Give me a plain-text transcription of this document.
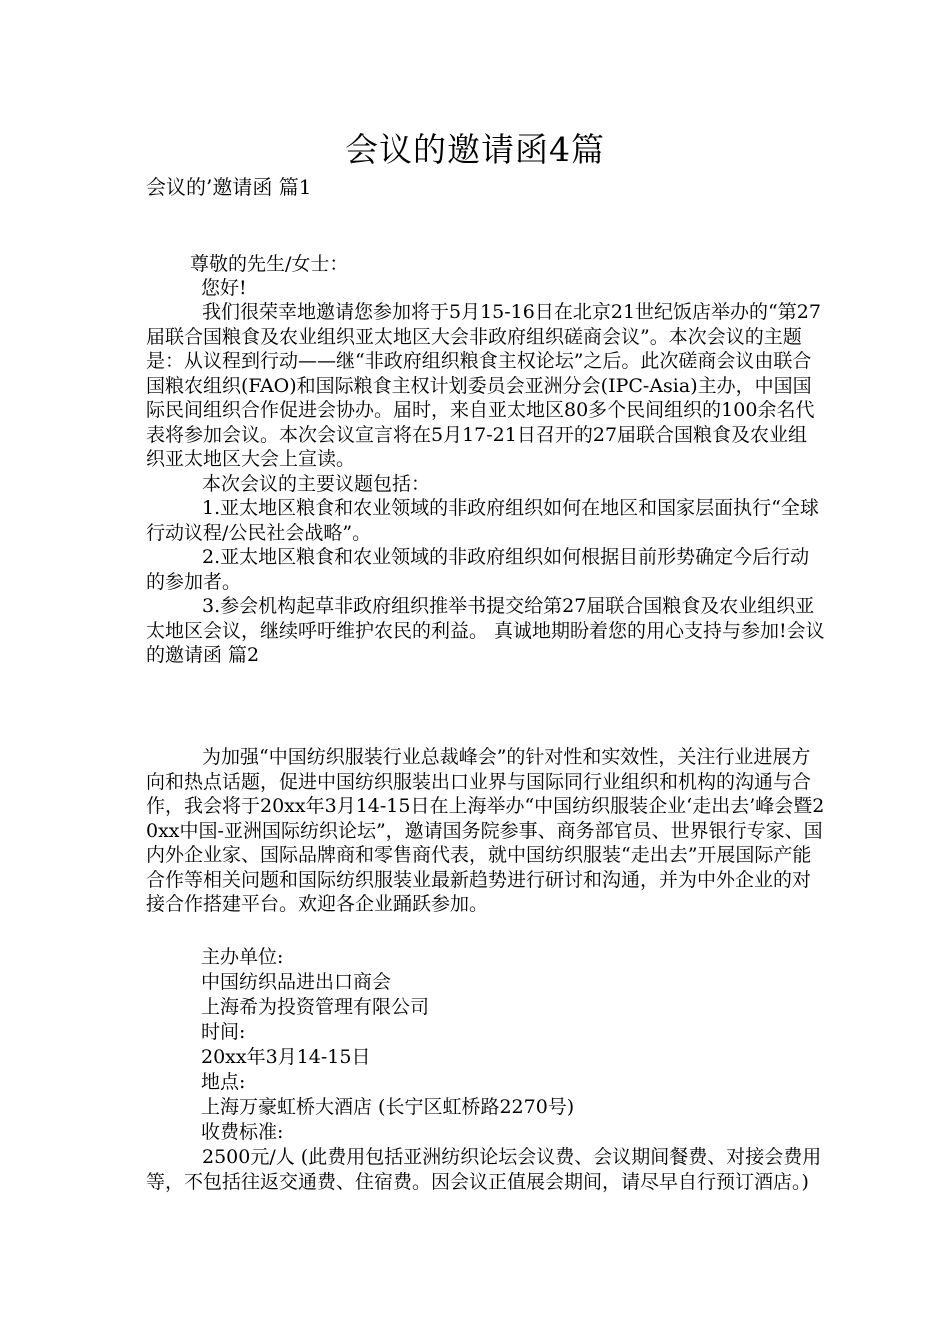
会议的邀请函4篇
会议的’邀请函 篇1
尊敬的先生/女士：
您好!

我们很荣幸地邀请您参加将于5月15-16日在北京21世纪饭店举办的“第27届联合国粮食及农业组织亚太地区大会非政府组织磋商会议”。本次会议的主题是：从议程到行动——继“非政府组织粮食主权论坛”之后。此次磋商会议由联合国粮农组织(FAO)和国际粮食主权计划委员会亚洲分会(IPC-Asia)主办，中国国际民间组织合作促进会协办。届时，来自亚太地区80多个民间组织的100余名代表将参加会议。本次会议宣言将在5月17-21日召开的27届联合国粮食及农业组织亚太地区大会上宣读。

本次会议的主要议题包括：

1.亚太地区粮食和农业领域的非政府组织如何在地区和国家层面执行“全球行动议程/公民社会战略”。

2.亚太地区粮食和农业领域的非政府组织如何根据目前形势确定今后行动的参加者。

3.参会机构起草非政府组织推举书提交给第27届联合国粮食及农业组织亚太地区会议，继续呼吁维护农民的利益。 真诚地期盼着您的用心支持与参加!会议的邀请函 篇2

为加强“中国纺织服装行业总裁峰会”的针对性和实效性，关注行业进展方向和热点话题，促进中国纺织服装出口业界与国际同行业组织和机构的沟通与合作，我会将于20xx年3月14-15日在上海举办“中国纺织服装企业‘走出去’峰会暨20xx中国-亚洲国际纺织论坛”，邀请国务院参事、商务部官员、世界银行专家、国内外企业家、国际品牌商和零售商代表，就中国纺织服装“走出去”开展国际产能合作等相关问题和国际纺织服装业最新趋势进行研讨和沟通，并为中外企业的对接合作搭建平台。欢迎各企业踊跃参加。

主办单位:
中国纺织品进出口商会
上海希为投资管理有限公司
时间:
20xx年3月14-15日
地点:
上海万豪虹桥大酒店 (长宁区虹桥路2270号)
收费标准:

2500元/人 (此费用包括亚洲纺织论坛会议费、会议期间餐费、对接会费用等，不包括往返交通费、住宿费。因会议正值展会期间，请尽早自行预订酒店。)
